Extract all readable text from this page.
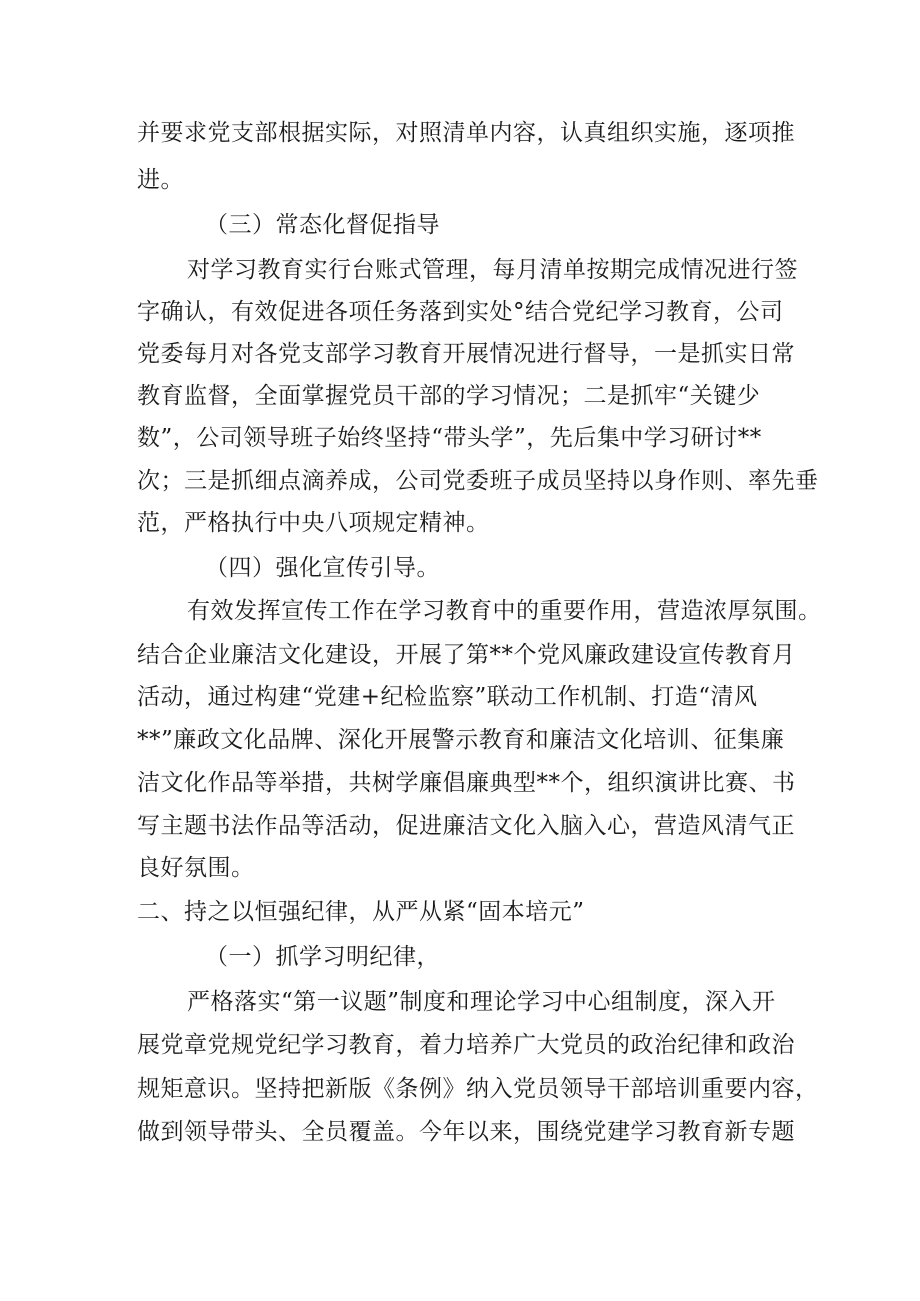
并要求党支部根据实际，对照清单内容，认真组织实施，逐项推
进。
（三）常态化督促指导
对学习教育实行台账式管理，每月清单按期完成情况进行签
字确认，有效促进各项任务落到实处°结合党纪学习教育，公司
党委每月对各党支部学习教育开展情况进行督导，一是抓实日常
教育监督，全面掌握党员干部的学习情况；二是抓牢“关键少
数”，公司领导班子始终坚持“带头学”，先后集中学习研讨**
次；三是抓细点滴养成，公司党委班子成员坚持以身作则、率先垂
范，严格执行中央八项规定精神。
（四）强化宣传引导。
有效发挥宣传工作在学习教育中的重要作用，营造浓厚氛围。
结合企业廉洁文化建设，开展了第**个党风廉政建设宣传教育月
活动，通过构建“党建+纪检监察”联动工作机制、打造“清风
**”廉政文化品牌、深化开展警示教育和廉洁文化培训、征集廉
洁文化作品等举措，共树学廉倡廉典型**个，组织演讲比赛、书
写主题书法作品等活动，促进廉洁文化入脑入心，营造风清气正
良好氛围。
二、持之以恒强纪律，从严从紧“固本培元”
（一）抓学习明纪律，
严格落实“第一议题”制度和理论学习中心组制度，深入开
展党章党规党纪学习教育，着力培养广大党员的政治纪律和政治
规矩意识。坚持把新版《条例》纳入党员领导干部培训重要内容，
做到领导带头、全员覆盖。今年以来，围绕党建学习教育新专题
